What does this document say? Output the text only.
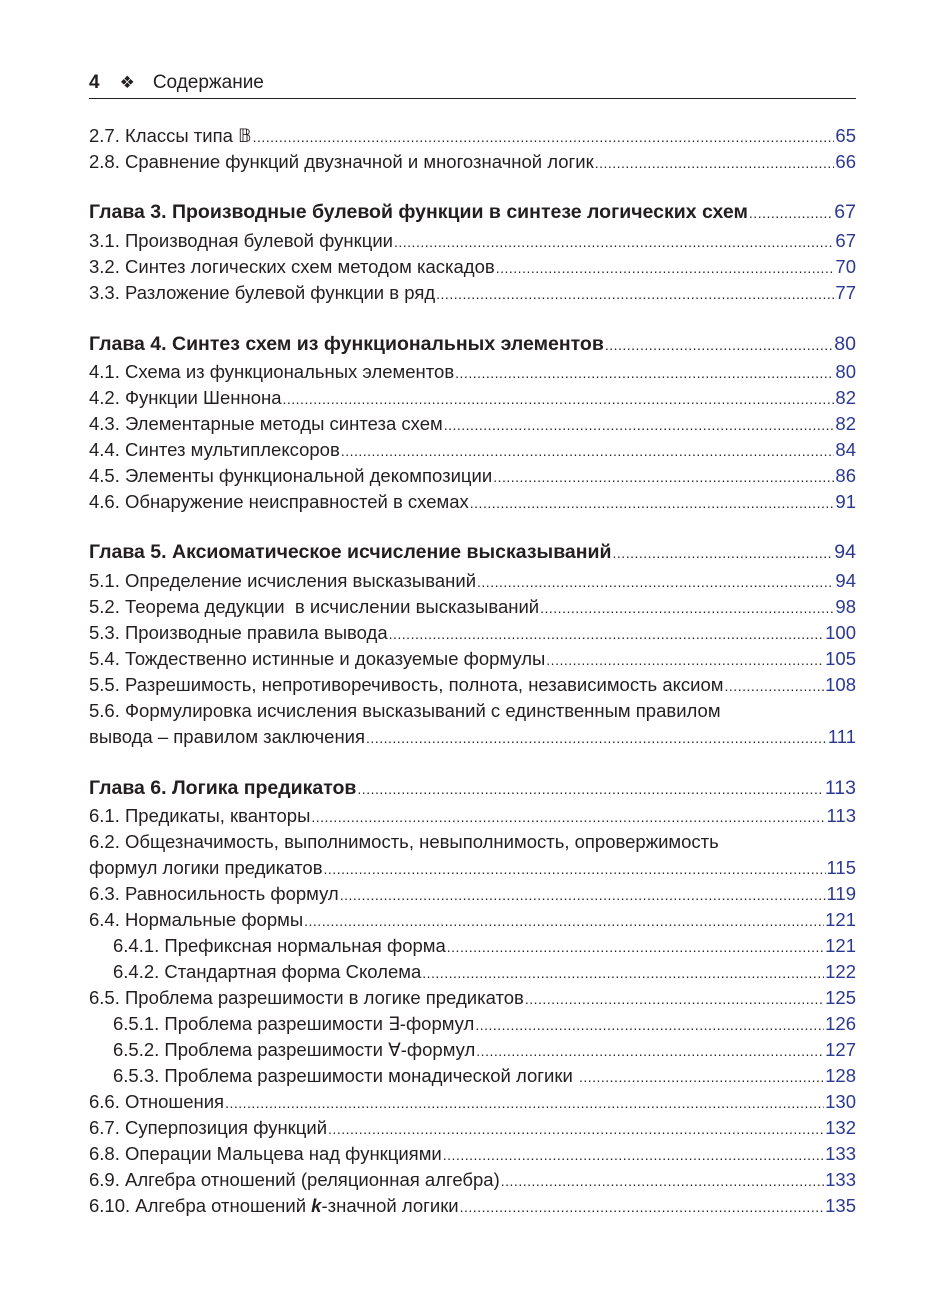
4 ❖ Содержание
2.7. Классы типа 𝔹 .....	65
2.8. Сравнение функций двузначной и многозначной логик .....	66
Глава 3. Производные булевой функции в синтезе логических схем .....	67
3.1. Производная булевой функции .....	67
3.2. Синтез логических схем методом каскадов .....	70
3.3. Разложение булевой функции в ряд .....	77
Глава 4. Синтез схем из функциональных элементов .....	80
4.1. Схема из функциональных элементов .....	80
4.2. Функции Шеннона .....	82
4.3. Элементарные методы синтеза схем .....	82
4.4. Синтез мультиплексоров .....	84
4.5. Элементы функциональной декомпозиции .....	86
4.6. Обнаружение неисправностей в схемах .....	91
Глава 5. Аксиоматическое исчисление высказываний .....	94
5.1. Определение исчисления высказываний .....	94
5.2. Теорема дедукции  в исчислении высказываний .....	98
5.3. Производные правила вывода .....	100
5.4. Тождественно истинные и доказуемые формулы .....	105
5.5. Разрешимость, непротиворечивость, полнота, независимость аксиом .....	108
5.6. Формулировка исчисления высказываний с единственным правилом
вывода – правилом заключения .....	111
Глава 6. Логика предикатов .....	113
6.1. Предикаты, кванторы .....	113
6.2. Общезначимость, выполнимость, невыполнимость, опровержимость
формул логики предикатов .....	115
6.3. Равносильность формул .....	119
6.4. Нормальные формы .....	121
6.4.1. Префиксная нормальная форма .....	121
6.4.2. Стандартная форма Сколема .....	122
6.5. Проблема разрешимости в логике предикатов .....	125
6.5.1. Проблема разрешимости ∃-формул .....	126
6.5.2. Проблема разрешимости ∀-формул .....	127
6.5.3. Проблема разрешимости монадической логики .....	128
6.6. Отношения .....	130
6.7. Суперпозиция функций .....	132
6.8. Операции Мальцева над функциями .....	133
6.9. Алгебра отношений (реляционная алгебра) .....	133
6.10. Алгебра отношений k-значной логики .....	135
